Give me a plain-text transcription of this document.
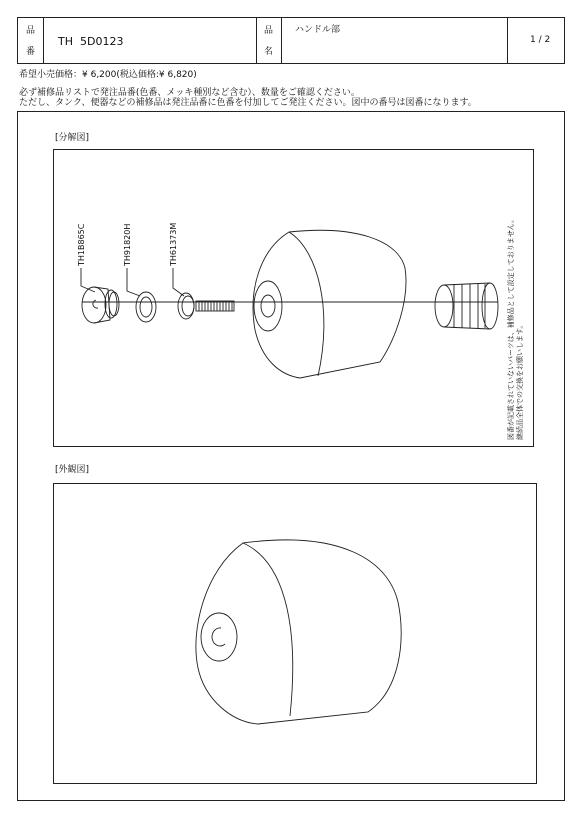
品
番
TH  5D0123
品
名
ハンドル部
1 / 2
希望小売価格：¥ 6,200(税込価格:¥ 6,820)
必ず補修品リストで発注品番(色番、メッキ種別など含む）、数量をご確認ください。
ただし、タンク、便器などの補修品は発注品番に色番を付加してご発注ください。図中の番号は図番になります。
[分解図]
[外観図]
TH1B865C	TH91820H	TH61373M	図番が記載されていないパーツは、補修品として設定しておりません。 継続品全体での交換をお願いします。
